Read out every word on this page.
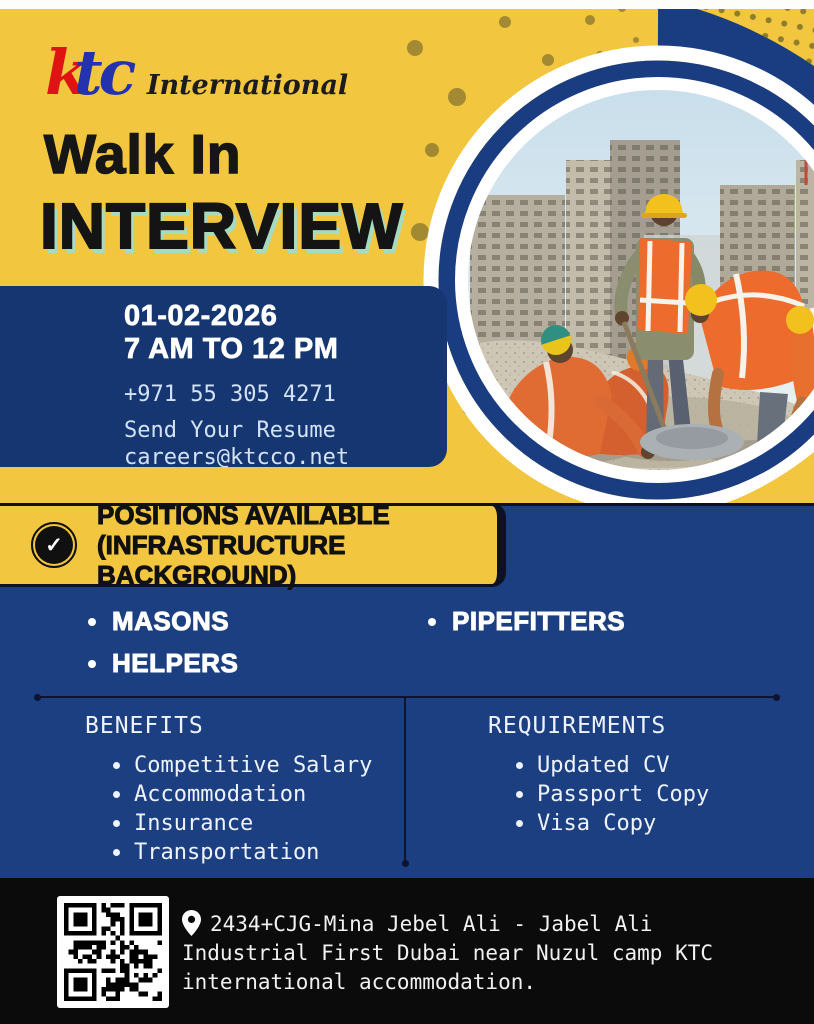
ktc International
Walk In
INTERVIEW
01-02-2026
7 AM TO 12 PM
+971 55 305 4271
Send Your Resume
careers@ktcco.net
✓
POSITIONS AVAILABLE
(INFRASTRUCTURE BACKGROUND)
MASONS
HELPERS
PIPEFITTERS
BENEFITS
Competitive Salary
Accommodation
Insurance
Transportation
REQUIREMENTS
Updated CV
Passport Copy
Visa Copy
2434+CJG-Mina Jebel Ali - Jabel Ali Industrial First Dubai near Nuzul camp KTC international accommodation.
